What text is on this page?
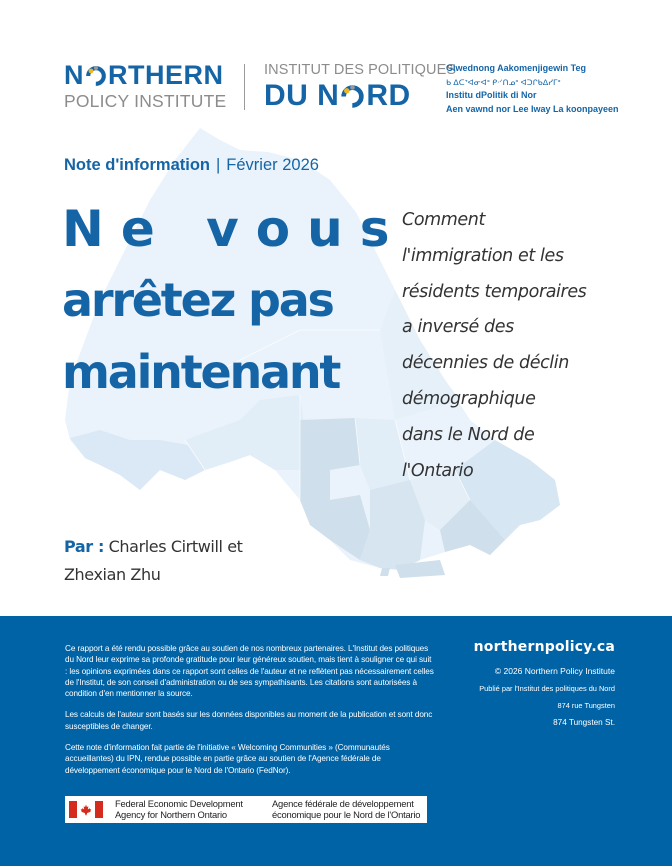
N RTHERN
POLICY INSTITUTE
INSTITUT DES POLITIQUES
DU N RD
Giwednong Aakomenjigewin Teg
ᑲ ᐃᑕᕀᐊᓂᐊᐣ ᑭᐧᐟᑎᓄᐣ ᐊᑐᒋᑲᐃᓯᒥᐣ
Institu dPolitik di Nor
Aen vawnd nor Lee Iway La koonpayeen
Note d'information | Février 2026
Ne vous
arrêtez pas
maintenant
Comment
l'immigration et les
résidents temporaires
a inversé des
décennies de déclin
démographique
dans le Nord de
l'Ontario
Par : Charles Cirtwill et
Zhexian Zhu

Ce rapport a été rendu possible grâce au soutien de nos nombreux partenaires. L'Institut des politiques du Nord leur exprime sa profonde gratitude pour leur généreux soutien, mais tient à souligner ce qui suit : les opinions exprimées dans ce rapport sont celles de l'auteur et ne reflètent pas nécessairement celles de l'Institut, de son conseil d'administration ou de ses sympathisants. Les citations sont autorisées à condition d'en mentionner la source.

Les calculs de l'auteur sont basés sur les données disponibles au moment de la publication et sont donc susceptibles de changer.

Cette note d'information fait partie de l'initiative « Welcoming Communities » (Communautés accueillantes) du IPN, rendue possible en partie grâce au soutien de l'Agence fédérale de développement économique pour le Nord de l'Ontario (FedNor).

northernpolicy.ca
© 2026 Northern Policy Institute
Publié par l'Institut des politiques du Nord
874 rue Tungsten
874 Tungsten St.
Federal Economic Development
Agency for Northern Ontario
Agence fédérale de développement
économique pour le Nord de l'Ontario
